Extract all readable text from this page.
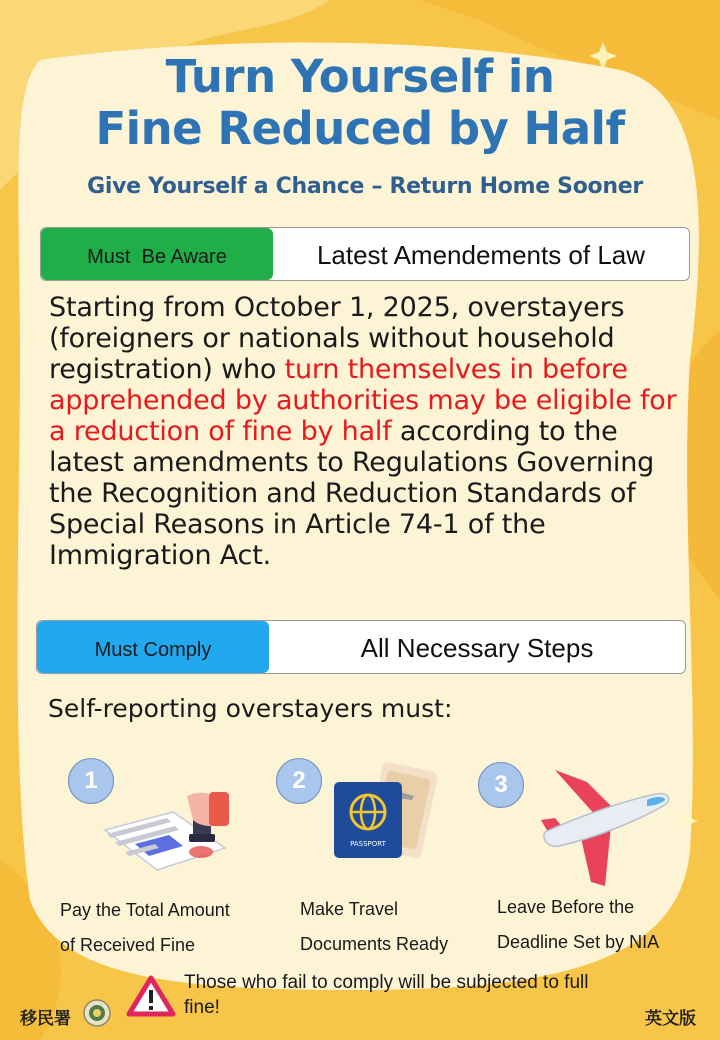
Turn Yourself in
Fine Reduced by Half
Give Yourself a Chance – Return Home Sooner
Must  Be Aware	Latest Amendements of Law
Starting from October 1, 2025, overstayers (foreigners or nationals without household registration) who turn themselves in before apprehended by authorities may be eligible for a reduction of fine by half according to the latest amendments to Regulations Governing the Recognition and Reduction Standards of Special Reasons in Article 74-1 of the Immigration Act.
Must Comply	All Necessary Steps
Self-reporting overstayers must:
1	2	3
PASSPORT
Pay the Total Amount
of Received Fine
Make Travel
Documents Ready
Leave Before the
Deadline Set by NIA
Those who fail to comply will be subjected to full fine!
移民署	英文版
